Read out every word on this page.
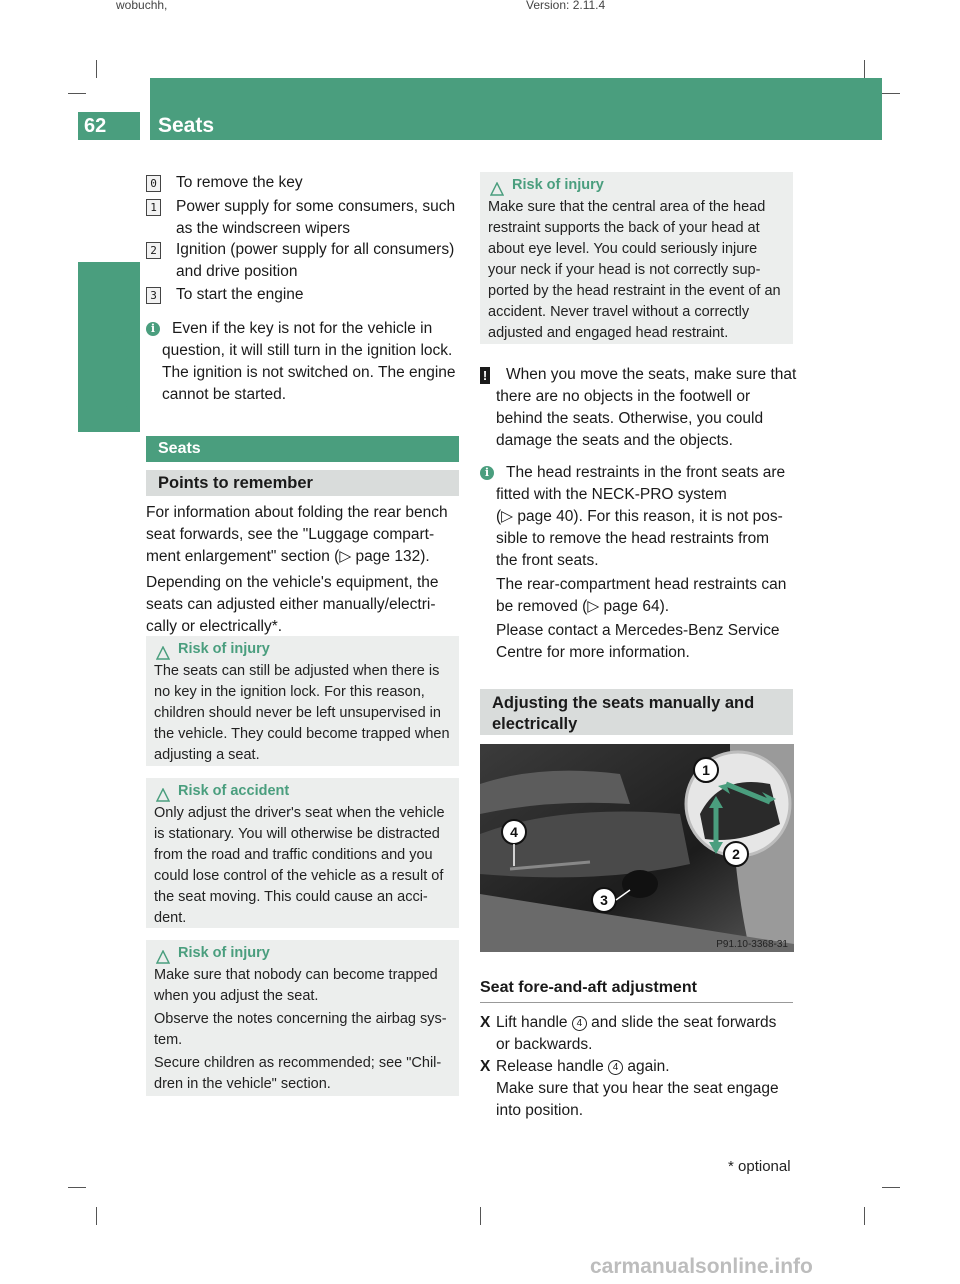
wobuchh,	Version: 2.11.4
62	Seats
Controls
0 To remove the key
1 Power supply for some consumers, such
as the windscreen wipers
2 Ignition (power supply for all consumers)
and drive position
3 To start the engine
i	Even if the key is not for the vehicle in
question, it will still turn in the ignition lock.
The ignition is not switched on. The engine
cannot be started.
Seats
Points to remember
For information about folding the rear bench
seat forwards, see the "Luggage compart-
ment enlargement" section (▷ page 132).
Depending on the vehicle's equipment, the
seats can adjusted either manually/electri-
cally or electrically*.
Risk of injury
The seats can still be adjusted when there is
no key in the ignition lock. For this reason,
children should never be left unsupervised in
the vehicle. They could become trapped when
adjusting a seat.
Risk of accident
Only adjust the driver's seat when the vehicle
is stationary. You will otherwise be distracted
from the road and traffic conditions and you
could lose control of the vehicle as a result of
the seat moving. This could cause an acci-
dent.
Risk of injury
Make sure that nobody can become trapped
when you adjust the seat.
Observe the notes concerning the airbag sys-
tem.
Secure children as recommended; see "Chil-
dren in the vehicle" section.
Risk of injury
Make sure that the central area of the head
restraint supports the back of your head at
about eye level. You could seriously injure
your neck if your head is not correctly sup-
ported by the head restraint in the event of an
accident. Never travel without a correctly
adjusted and engaged head restraint.
! When you move the seats, make sure that
there are no objects in the footwell or
behind the seats. Otherwise, you could
damage the seats and the objects.
i	The head restraints in the front seats are
fitted with the NECK-PRO system
(▷ page 40). For this reason, it is not pos-
sible to remove the head restraints from
the front seats.
The rear-compartment head restraints can
be removed (▷ page 64).
Please contact a Mercedes-Benz Service
Centre for more information.
Adjusting the seats manually and
electrically
1
2
3
4
P91.10-3368-31
Seat fore-and-aft adjustment
X Lift handle 4 and slide the seat forwards
or backwards.
X Release handle 4 again.
Make sure that you hear the seat engage
into position.
* optional
carmanualsonline.info
